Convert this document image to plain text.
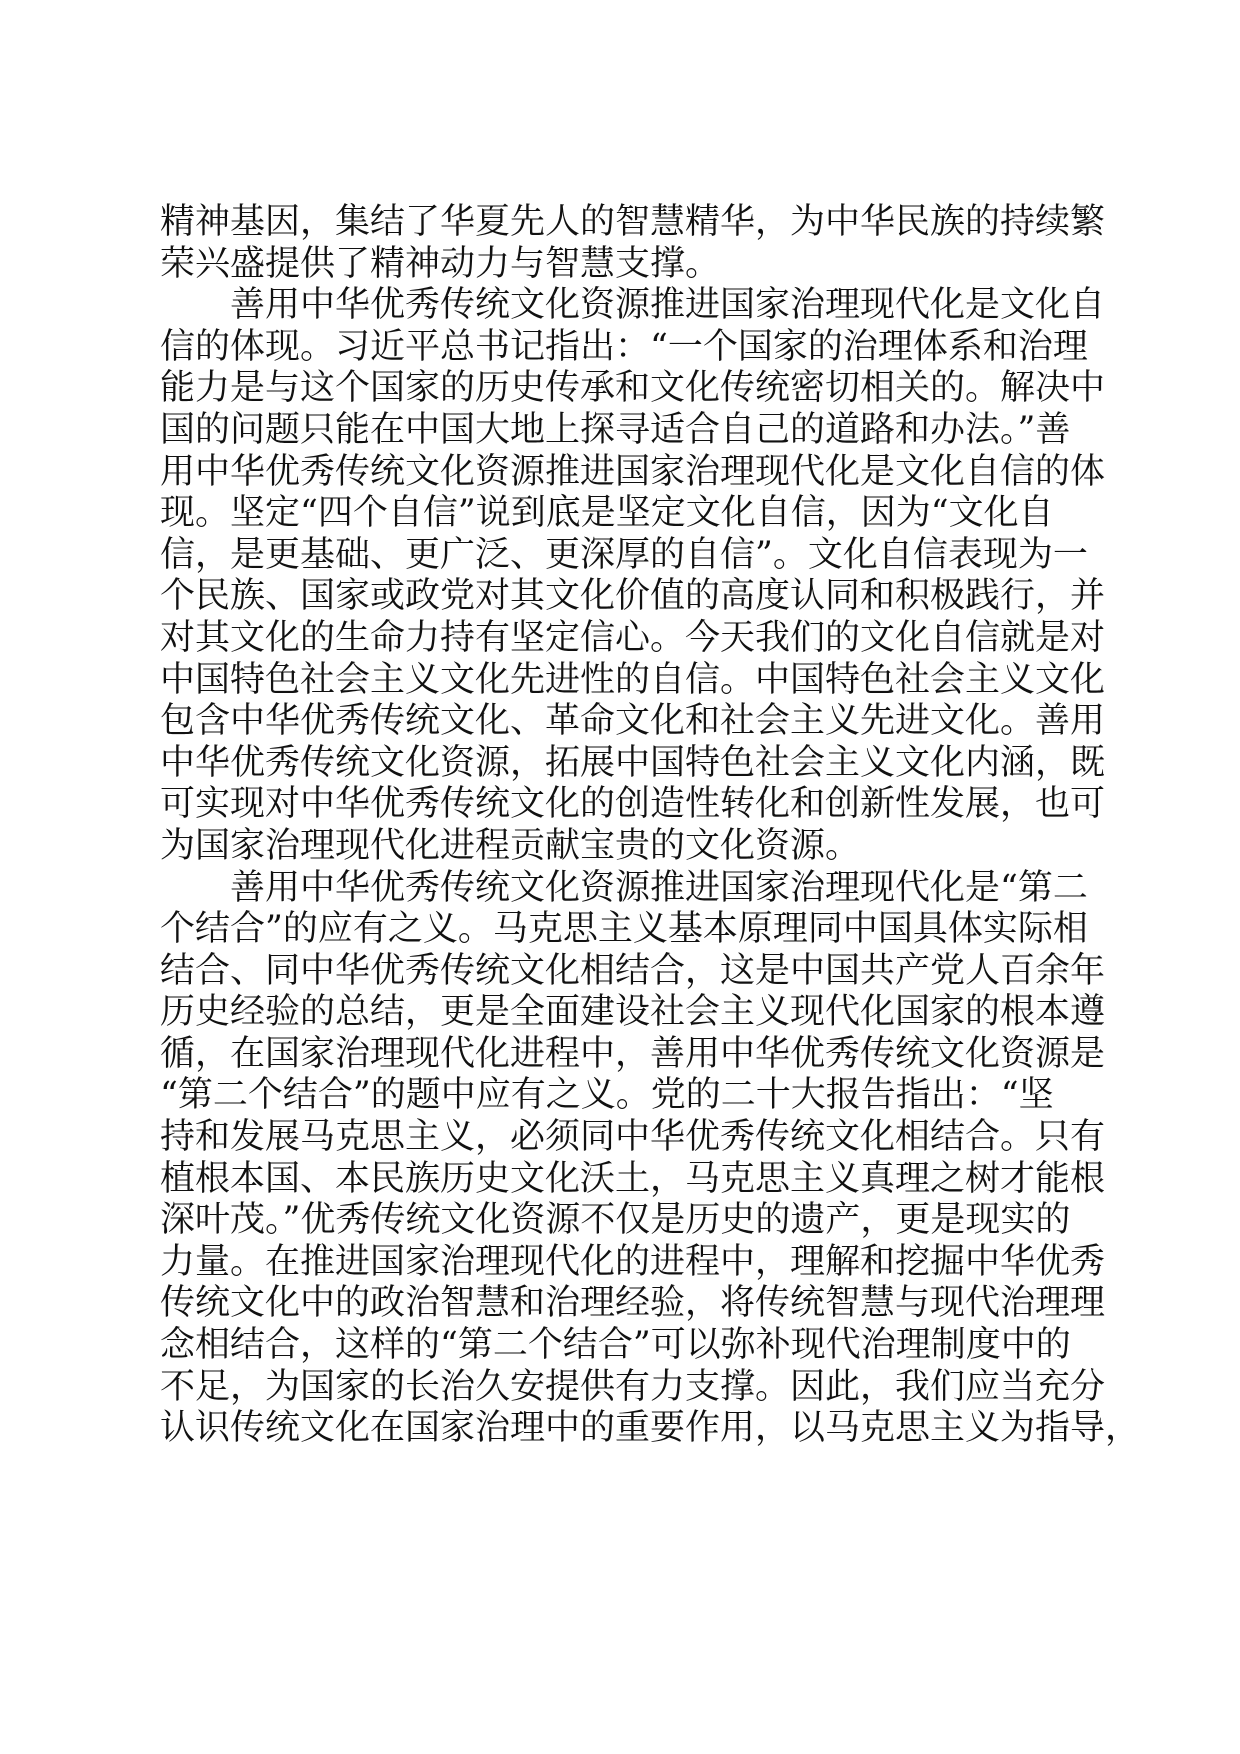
精神基因，集结了华夏先人的智慧精华，为中华民族的持续繁
荣兴盛提供了精神动力与智慧支撑。
善用中华优秀传统文化资源推进国家治理现代化是文化自
信的体现。习近平总书记指出：“一个国家的治理体系和治理
能力是与这个国家的历史传承和文化传统密切相关的。解决中
国的问题只能在中国大地上探寻适合自己的道路和办法。”善
用中华优秀传统文化资源推进国家治理现代化是文化自信的体
现。坚定“四个自信”说到底是坚定文化自信，因为“文化自
信，是更基础、更广泛、更深厚的自信”。文化自信表现为一
个民族、国家或政党对其文化价值的高度认同和积极践行，并
对其文化的生命力持有坚定信心。今天我们的文化自信就是对
中国特色社会主义文化先进性的自信。中国特色社会主义文化
包含中华优秀传统文化、革命文化和社会主义先进文化。善用
中华优秀传统文化资源，拓展中国特色社会主义文化内涵，既
可实现对中华优秀传统文化的创造性转化和创新性发展，也可
为国家治理现代化进程贡献宝贵的文化资源。
善用中华优秀传统文化资源推进国家治理现代化是“第二
个结合”的应有之义。马克思主义基本原理同中国具体实际相
结合、同中华优秀传统文化相结合，这是中国共产党人百余年
历史经验的总结，更是全面建设社会主义现代化国家的根本遵
循，在国家治理现代化进程中，善用中华优秀传统文化资源是
“第二个结合”的题中应有之义。党的二十大报告指出：“坚
持和发展马克思主义，必须同中华优秀传统文化相结合。只有
植根本国、本民族历史文化沃土，马克思主义真理之树才能根
深叶茂。”优秀传统文化资源不仅是历史的遗产，更是现实的
力量。在推进国家治理现代化的进程中，理解和挖掘中华优秀
传统文化中的政治智慧和治理经验，将传统智慧与现代治理理
念相结合，这样的“第二个结合”可以弥补现代治理制度中的
不足，为国家的长治久安提供有力支撑。因此，我们应当充分
认识传统文化在国家治理中的重要作用，以马克思主义为指导，
